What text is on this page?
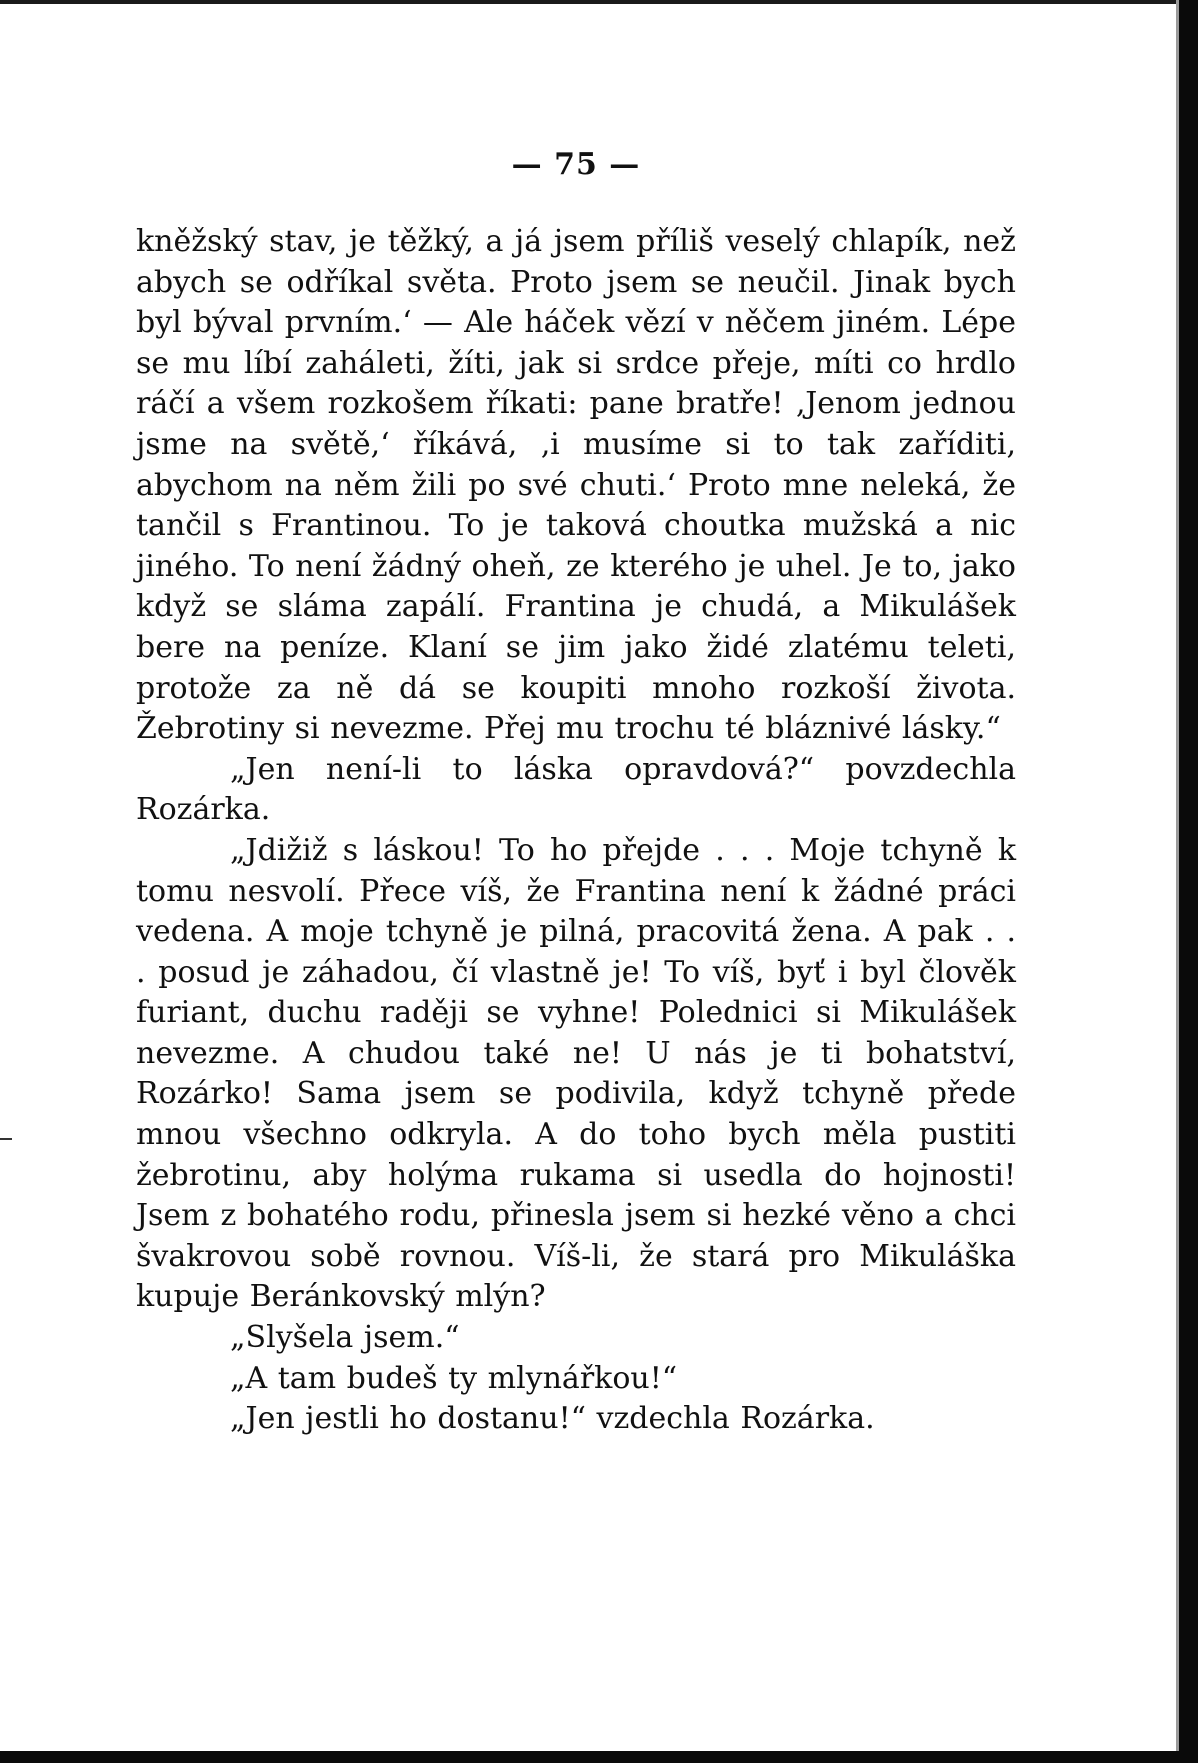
— 75 —

kněžský stav, je těžký, a já jsem příliš veselý chlapík, než abych se odříkal světa. Proto jsem se neučil. Jinak bych byl býval prvním.‘ — Ale háček vězí v něčem jiném. Lépe se mu líbí zaháleti, žíti, jak si srdce přeje, míti co hrdlo ráčí a všem rozkošem říkati: pane bratře! ‚Jenom jednou jsme na světě,‘ říkává, ‚i musíme si to tak zaříditi, abychom na něm žili po své chuti.‘ Proto mne neleká, že tančil s Frantinou. To je taková choutka mužská a nic jiného. To není žádný oheň, ze kterého je uhel. Je to, jako když se sláma zapálí. Frantina je chudá, a Mikulášek bere na peníze. Klaní se jim jako židé zlatému teleti, protože za ně dá se koupiti mnoho rozkoší života. Žebrotiny si nevezme. Přej mu trochu té bláznivé lásky.“

„Jen není-li to láska opravdová?“ povzdechla Rozárka.

„Jdižiž s láskou! To ho přejde . . . Moje tchyně k tomu nesvolí. Přece víš, že Frantina není k žádné práci vedena. A moje tchyně je pilná, pracovitá žena. A pak . . . posud je záhadou, čí vlastně je! To víš, byť i byl člověk furiant, duchu raději se vyhne! Polednici si Mikulášek nevezme. A chudou také ne! U nás je ti bohatství, Rozárko! Sama jsem se podivila, když tchyně přede mnou všechno odkryla. A do toho bych měla pustiti žebrotinu, aby holýma rukama si usedla do hojnosti! Jsem z bohatého rodu, přinesla jsem si hezké věno a chci švakrovou sobě rovnou. Víš-li, že stará pro Mikuláška kupuje Beránkovský mlýn?

„Slyšela jsem.“

„A tam budeš ty mlynářkou!“

„Jen jestli ho dostanu!“ vzdechla Rozárka.
